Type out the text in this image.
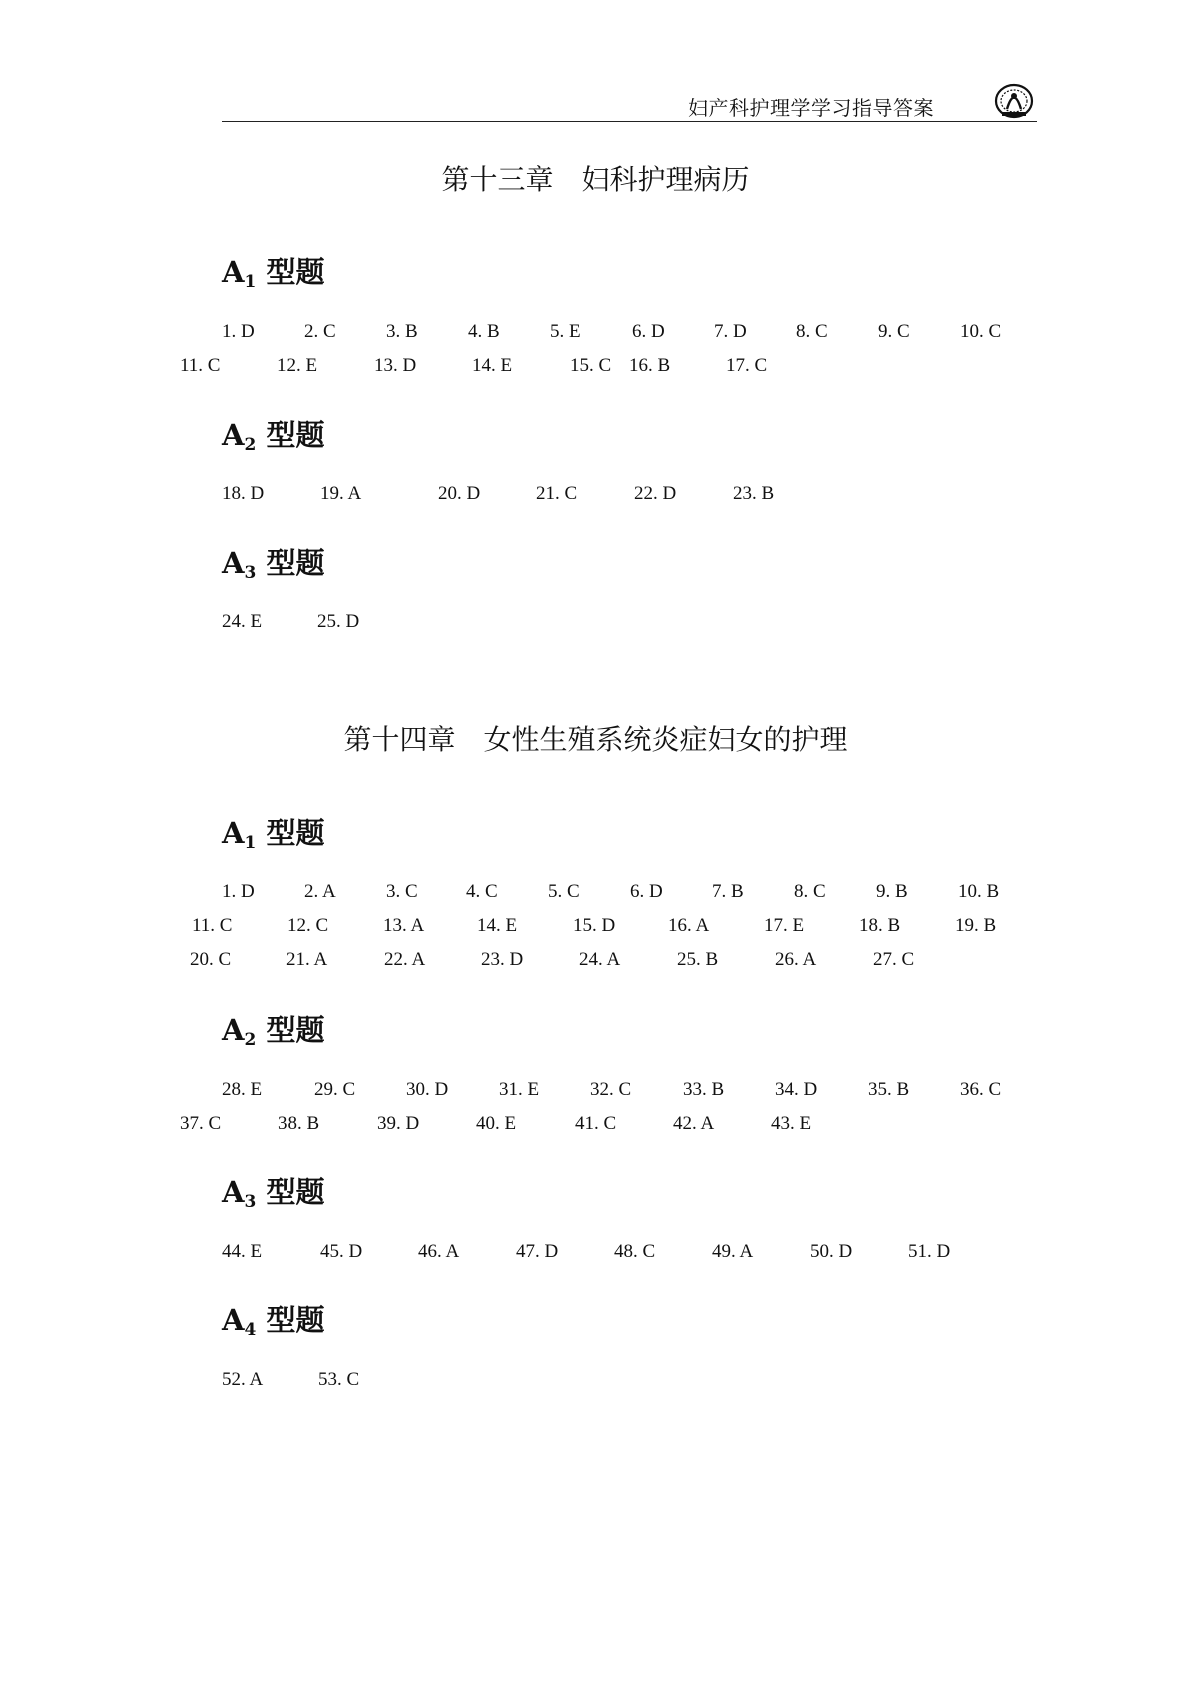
妇产科护理学学习指导答案
第十三章　妇科护理病历
A1 型题
1. D	2. C	3. B	4. B	5. E	6. D	7. D	8. C	9. C	10. C
11. C	12. E	13. D	14. E	15. C 16. B	17. C
A2 型题
18. D	19. A	20. D	21. C	22. D	23. B
A3 型题
24. E	25. D
第十四章　女性生殖系统炎症妇女的护理
A1 型题
1. D	2. A	3. C	4. C	5. C	6. D	7. B	8. C	9. B	10. B
11. C	12. C	13. A	14. E	15. D	16. A	17. E	18. B	19. B
20. C	21. A	22. A	23. D	24. A	25. B	26. A	27. C
A2 型题
28. E	29. C	30. D	31. E	32. C	33. B	34. D	35. B	36. C
37. C	38. B	39. D	40. E	41. C	42. A	43. E
A3 型题
44. E	45. D	46. A	47. D	48. C	49. A	50. D	51. D
A4 型题
52. A	53. C
